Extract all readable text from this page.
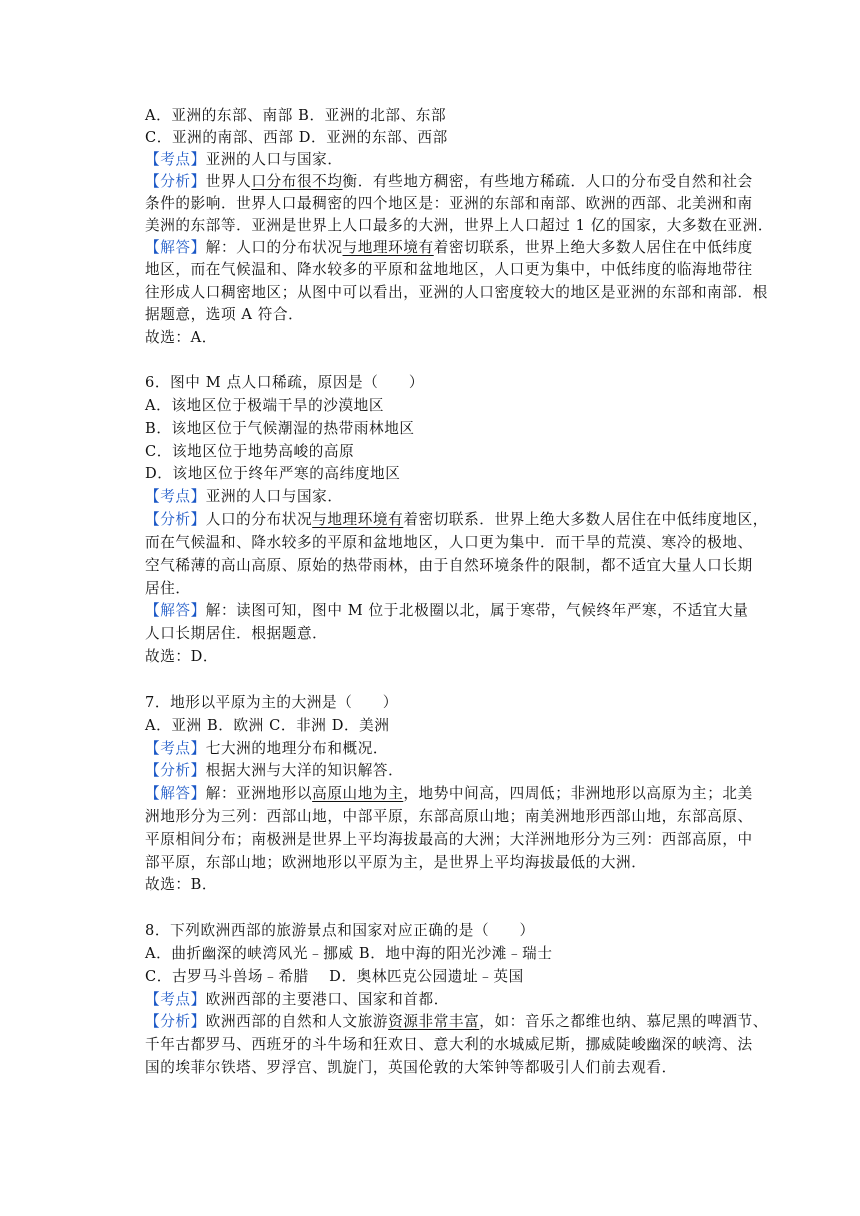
A．亚洲的东部、南部 B．亚洲的北部、东部
C．亚洲的南部、西部 D．亚洲的东部、西部
【考点】亚洲的人口与国家．
【分析】世界人口分布很不均衡．有些地方稠密，有些地方稀疏．人口的分布受自然和社会
条件的影响．世界人口最稠密的四个地区是：亚洲的东部和南部、欧洲的西部、北美洲和南
美洲的东部等．亚洲是世界上人口最多的大洲，世界上人口超过 1 亿的国家，大多数在亚洲．
【解答】解：人口的分布状况与地理环境有着密切联系，世界上绝大多数人居住在中低纬度
地区，而在气候温和、降水较多的平原和盆地地区，人口更为集中，中低纬度的临海地带往
往形成人口稠密地区；从图中可以看出，亚洲的人口密度较大的地区是亚洲的东部和南部．根
据题意，选项 A 符合．
故选：A．
6．图中 M 点人口稀疏，原因是（　　）
A．该地区位于极端干旱的沙漠地区
B．该地区位于气候潮湿的热带雨林地区
C．该地区位于地势高峻的高原
D．该地区位于终年严寒的高纬度地区
【考点】亚洲的人口与国家．
【分析】人口的分布状况与地理环境有着密切联系．世界上绝大多数人居住在中低纬度地区，
而在气候温和、降水较多的平原和盆地地区，人口更为集中．而干旱的荒漠、寒冷的极地、
空气稀薄的高山高原、原始的热带雨林，由于自然环境条件的限制，都不适宜大量人口长期
居住．
【解答】解：读图可知，图中 M 位于北极圈以北，属于寒带，气候终年严寒，不适宜大量
人口长期居住．根据题意．
故选：D．
7．地形以平原为主的大洲是（　　）
A．亚洲 B．欧洲 C．非洲 D．美洲
【考点】七大洲的地理分布和概况．
【分析】根据大洲与大洋的知识解答．
【解答】解：亚洲地形以高原山地为主，地势中间高，四周低；非洲地形以高原为主；北美
洲地形分为三列：西部山地，中部平原，东部高原山地；南美洲地形西部山地，东部高原、
平原相间分布；南极洲是世界上平均海拔最高的大洲；大洋洲地形分为三列：西部高原，中
部平原，东部山地；欧洲地形以平原为主，是世界上平均海拔最低的大洲．
故选：B．
8．下列欧洲西部的旅游景点和国家对应正确的是（　　）
A．曲折幽深的峡湾风光﹣挪威 B．地中海的阳光沙滩﹣瑞士
C．古罗马斗兽场﹣希腊　 D．奥林匹克公园遗址﹣英国
【考点】欧洲西部的主要港口、国家和首都．
【分析】欧洲西部的自然和人文旅游资源非常丰富，如：音乐之都维也纳、慕尼黑的啤酒节、
千年古都罗马、西班牙的斗牛场和狂欢日、意大利的水城威尼斯，挪威陡峻幽深的峡湾、法
国的埃菲尔铁塔、罗浮宫、凯旋门，英国伦敦的大笨钟等都吸引人们前去观看．
